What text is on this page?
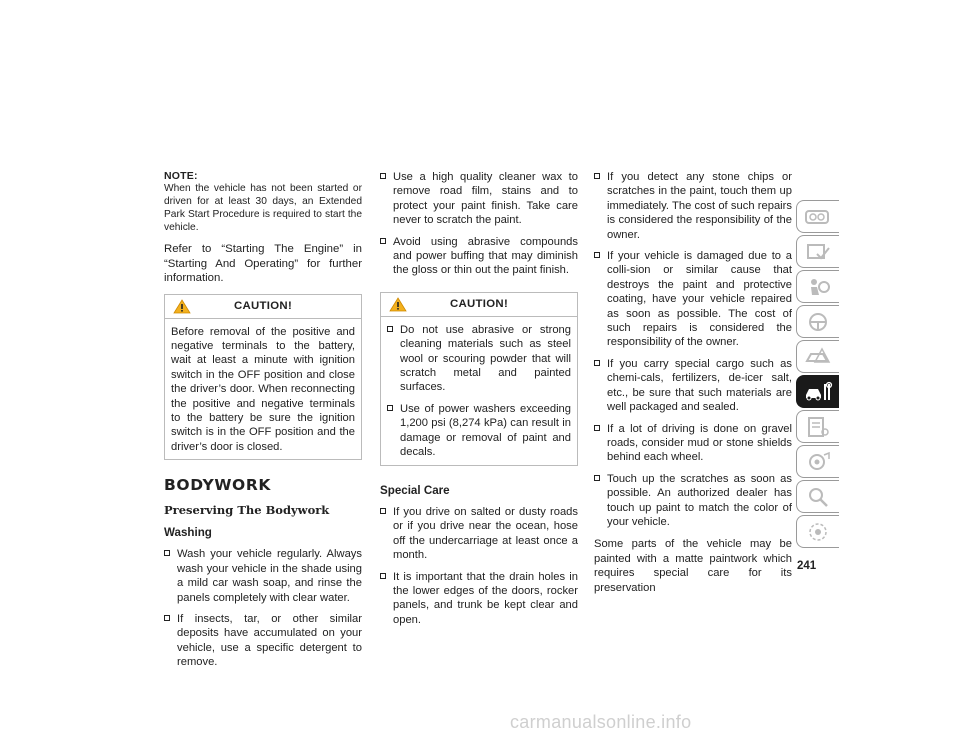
NOTE:

When the vehicle has not been started or driven for at least 30 days, an Extended Park Start Procedure is required to start the vehicle.

Refer to “Starting The Engine” in “Starting And Operating” for further information.

CAUTION!

Before removal of the positive and negative terminals to the battery, wait at least a minute with ignition switch in the OFF position and close the driver’s door. When reconnecting the positive and negative terminals to the battery be sure the ignition switch is in the OFF position and the driver’s door is closed.

BODYWORK
Preserving The Bodywork
Washing
Wash your vehicle regularly. Always wash your vehicle in the shade using a mild car wash soap, and rinse the panels completely with clear water.
If insects, tar, or other similar deposits have accumulated on your vehicle, use a specific detergent to remove.
Use a high quality cleaner wax to remove road film, stains and to protect your paint finish. Take care never to scratch the paint.
Avoid using abrasive compounds and power buffing that may diminish the gloss or thin out the paint finish.
CAUTION!
Do not use abrasive or strong cleaning materials such as steel wool or scouring powder that will scratch metal and painted surfaces.
Use of power washers exceeding 1,200 psi (8,274 kPa) can result in damage or removal of paint and decals.
Special Care
If you drive on salted or dusty roads or if you drive near the ocean, hose off the undercarriage at least once a month.
It is important that the drain holes in the lower edges of the doors, rocker panels, and trunk be kept clear and open.
If you detect any stone chips or scratches in the paint, touch them up immediately. The cost of such repairs is considered the responsibility of the owner.
If your vehicle is damaged due to a colli-sion or similar cause that destroys the paint and protective coating, have your vehicle repaired as soon as possible. The cost of such repairs is considered the responsibility of the owner.
If you carry special cargo such as chemi-cals, fertilizers, de-icer salt, etc., be sure that such materials are well packaged and sealed.
If a lot of driving is done on gravel roads, consider mud or stone shields behind each wheel.
Touch up the scratches as soon as possible. An authorized dealer has touch up paint to match the color of your vehicle.

Some parts of the vehicle may be painted with a matte paintwork which requires special care for its preservation

241
carmanualsonline.info
